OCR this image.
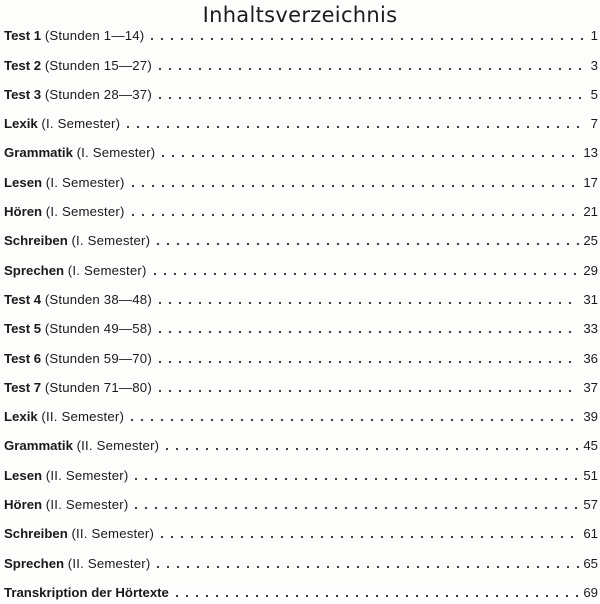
Inhaltsverzeichnis
Test 1 (Stunden 1—14)	1
Test 2 (Stunden 15—27)	3
Test 3 (Stunden 28—37)	5
Lexik (I. Semester)	7
Grammatik (I. Semester)	13
Lesen (I. Semester)	17
Hören (I. Semester)	21
Schreiben (I. Semester)	25
Sprechen (I. Semester)	29
Test 4 (Stunden 38—48)	31
Test 5 (Stunden 49—58)	33
Test 6 (Stunden 59—70)	36
Test 7 (Stunden 71—80)	37
Lexik (II. Semester)	39
Grammatik (II. Semester)	45
Lesen (II. Semester)	51
Hören (II. Semester)	57
Schreiben (II. Semester)	61
Sprechen (II. Semester)	65
Transkription der Hörtexte	69
